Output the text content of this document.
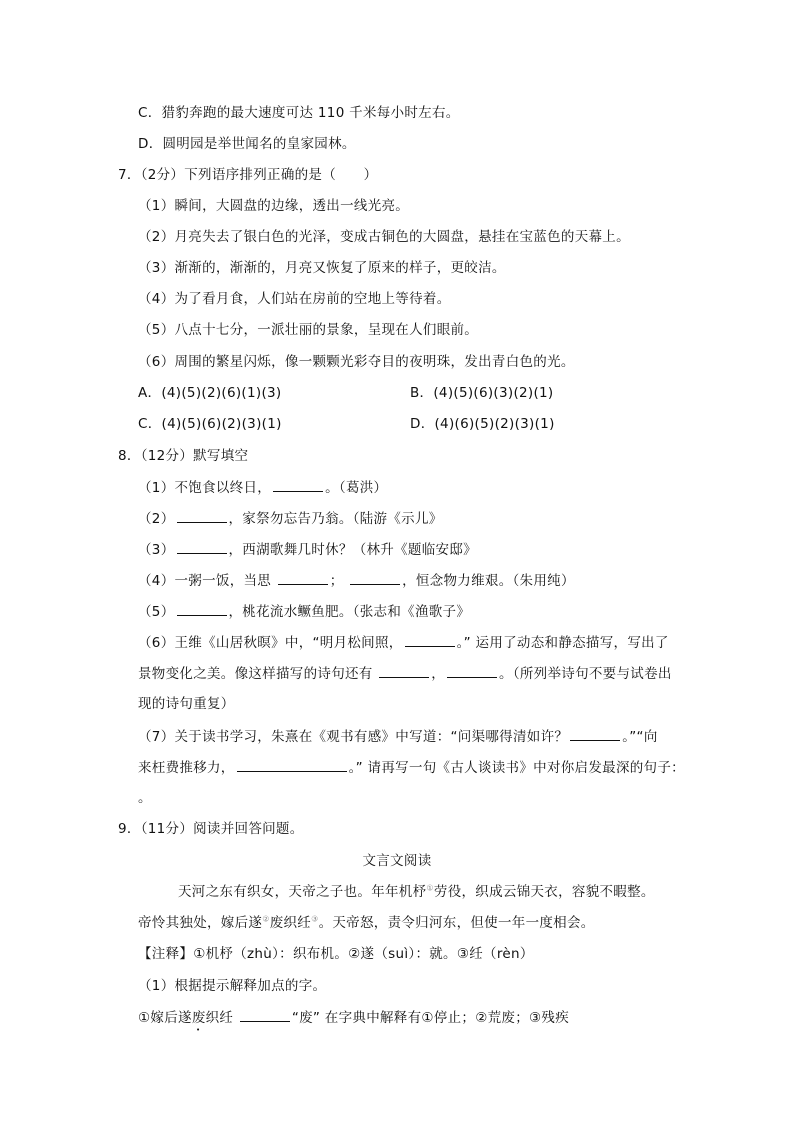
C．猎豹奔跑的最大速度可达 110 千米每小时左右。
D．圆明园是举世闻名的皇家园林。
7．（2分）下列语序排列正确的是（　　）
（1）瞬间，大圆盘的边缘，透出一线光亮。
（2）月亮失去了银白色的光泽，变成古铜色的大圆盘，悬挂在宝蓝色的天幕上。
（3）渐渐的，渐渐的，月亮又恢复了原来的样子，更皎洁。
（4）为了看月食，人们站在房前的空地上等待着。
（5）八点十七分，一派壮丽的景象，呈现在人们眼前。
（6）周围的繁星闪烁，像一颗颗光彩夺目的夜明珠，发出青白色的光。
A．(4)(5)(2)(6)(1)(3)	B．(4)(5)(6)(3)(2)(1)
C．(4)(5)(6)(2)(3)(1)	D．(4)(6)(5)(2)(3)(1)
8．（12分）默写填空
（1）不饱食以终日，	。（葛洪）
（2）	，家祭勿忘告乃翁。（陆游《示儿》
（3）	，西湖歌舞几时休？（林升《题临安邸》
（4）一粥一饭，当思	；	，恒念物力维艰。（朱用纯）
（5）	，桃花流水鳜鱼肥。（张志和《渔歌子》
（6）王维《山居秋暝》中，“明月松间照，	。” 运用了动态和静态描写，写出了
景物变化之美。像这样描写的诗句还有	，	。（所列举诗句不要与试卷出
现的诗句重复）
（7）关于读书学习，朱熹在《观书有感》中写道：“问渠哪得清如许？	。”“向
来枉费推移力，	。” 请再写一句《古人谈读书》中对你启发最深的句子：
。
9．（11分）阅读并回答问题。
文言文阅读
天河之东有织女，天帝之子也。年年机杼①劳役，织成云锦天衣，容貌不暇整。
帝怜其独处，嫁后遂②废织纴③。天帝怒，责令归河东，但使一年一度相会。
【注释】①机杼（zhù）：织布机。②遂（suì）：就。③纴（rèn）
（1）根据提示解释加点的字。
①嫁后遂废织纴	“废” 在字典中解释有①停止；②荒废；③残疾
